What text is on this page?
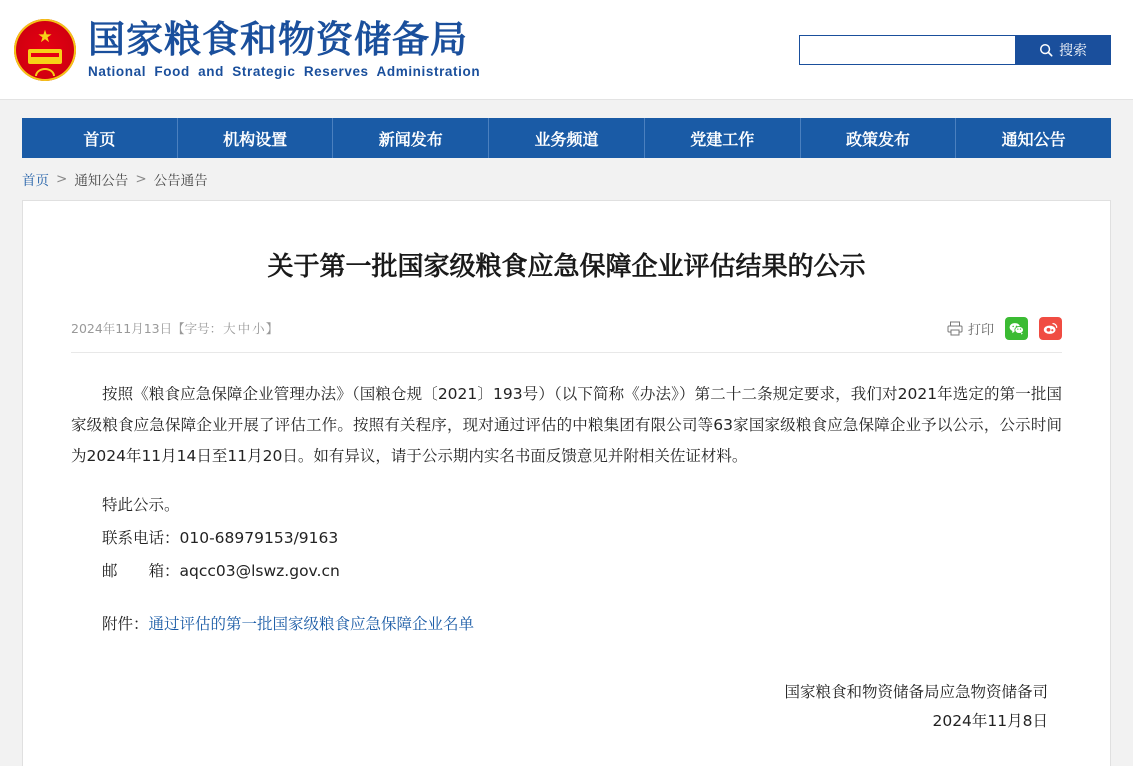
★ 国家粮食和物资储备局
National Food and Strategic Reserves Administration
搜索
首页	机构设置	新闻发布	业务频道	党建工作	政策发布	通知公告
首页 > 通知公告 > 公告通告
关于第一批国家级粮食应急保障企业评估结果的公示
2024年11月13日【字号：大 中 小】	打印

按照《粮食应急保障企业管理办法》（国粮仓规〔2021〕193号）（以下简称《办法》）第二十二条规定要求，我们对2021年选定的第一批国家级粮食应急保障企业开展了评估工作。按照有关程序，现对通过评估的中粮集团有限公司等63家国家级粮食应急保障企业予以公示，公示时间为2024年11月14日至11月20日。如有异议，请于公示期内实名书面反馈意见并附相关佐证材料。

特此公示。

联系电话：010-68979153/9163

邮　　箱：aqcc03@lswz.gov.cn

附件：通过评估的第一批国家级粮食应急保障企业名单

国家粮食和物资储备局应急物资储备司
2024年11月8日
